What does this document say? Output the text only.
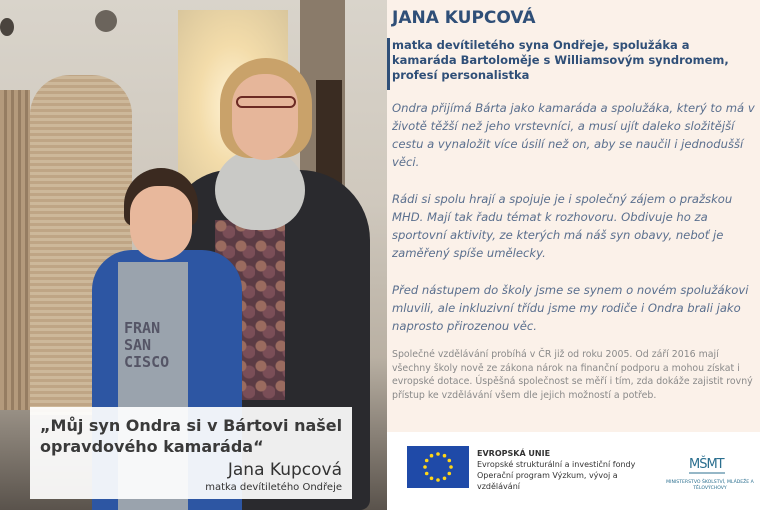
FRAN
SAN
CISCO
„Můj syn Ondra si v Bártovi našel opravdového kamaráda“
Jana Kupcová
matka devítiletého Ondřeje
JANA KUPCOVÁ
matka devítiletého syna Ondřeje, spolužáka a kamaráda Bartoloměje s Williamsovým syndromem, profesí personalistka
Ondra přijímá Bárta jako kamaráda a spolužáka, který to má v životě těžší než jeho vrstevníci, a musí ujít daleko složitější cestu a vynaložit více úsilí než on, aby se naučil i jednodušší věci.
Rádi si spolu hrají a spojuje je i společný zájem o pražskou MHD. Mají tak řadu témat k rozhovoru. Obdivuje ho za sportovní aktivity, ze kterých má náš syn obavy, neboť je zaměřený spíše umělecky.
Před nástupem do školy jsme se synem o novém spolužákovi mluvili, ale inkluzivní třídu jsme my rodiče i Ondra brali jako naprosto přirozenou věc.
Společné vzdělávání probíhá v ČR již od roku 2005. Od září 2016 mají všechny školy nově ze zákona nárok na finanční podporu a mohou získat i evropské dotace. Úspěšná společnost se měří i tím, zda dokáže zajistit rovný přístup ke vzdělávání všem dle jejich možností a potřeb.
EVROPSKÁ UNIE
Evropské strukturální a investiční fondy
Operační program Výzkum, vývoj a vzdělávání
MŠMT
MINISTERSTVO ŠKOLSTVÍ, MLÁDEŽE A TĚLOVÝCHOVY
